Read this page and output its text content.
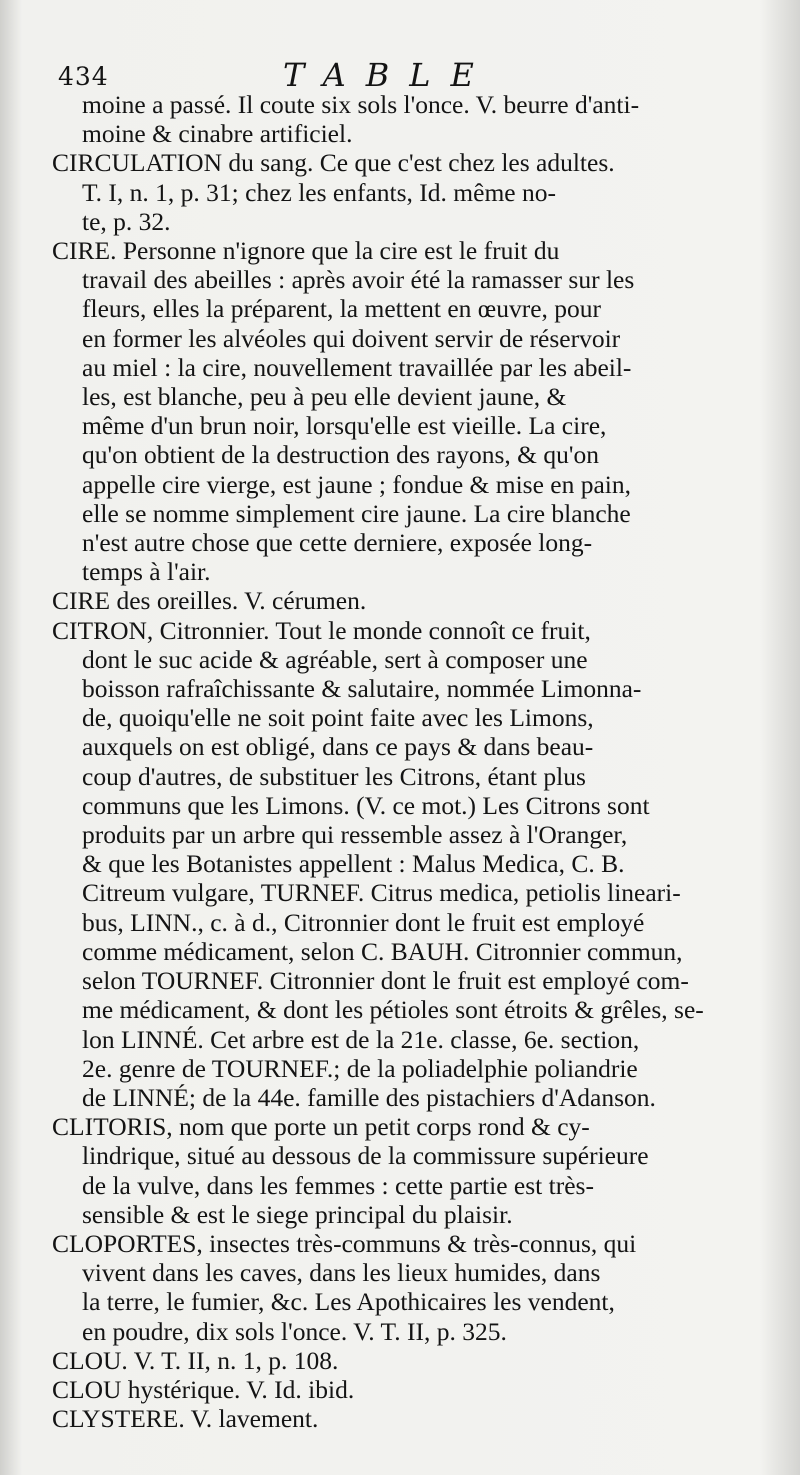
434	TABLE
moine a passé. Il coute six sols l'once. V. beurre d'anti-
moine & cinabre artificiel.
CIRCULATION du sang. Ce que c'est chez les adultes.
T. I, n. 1, p. 31; chez les enfants, Id. même no-
te, p. 32.
CIRE. Personne n'ignore que la cire est le fruit du
travail des abeilles : après avoir été la ramasser sur les
fleurs, elles la préparent, la mettent en œuvre, pour
en former les alvéoles qui doivent servir de réservoir
au miel : la cire, nouvellement travaillée par les abeil-
les, est blanche, peu à peu elle devient jaune, &
même d'un brun noir, lorsqu'elle est vieille. La cire,
qu'on obtient de la destruction des rayons, & qu'on
appelle cire vierge, est jaune ; fondue & mise en pain,
elle se nomme simplement cire jaune. La cire blanche
n'est autre chose que cette derniere, exposée long-
temps à l'air.
CIRE des oreilles. V. cérumen.
CITRON, Citronnier. Tout le monde connoît ce fruit,
dont le suc acide & agréable, sert à composer une
boisson rafraîchissante & salutaire, nommée Limonna-
de, quoiqu'elle ne soit point faite avec les Limons,
auxquels on est obligé, dans ce pays & dans beau-
coup d'autres, de substituer les Citrons, étant plus
communs que les Limons. (V. ce mot.) Les Citrons sont
produits par un arbre qui ressemble assez à l'Oranger,
& que les Botanistes appellent : Malus Medica, C. B.
Citreum vulgare, TURNEF. Citrus medica, petiolis lineari-
bus, LINN., c. à d., Citronnier dont le fruit est employé
comme médicament, selon C. BAUH. Citronnier commun,
selon TOURNEF. Citronnier dont le fruit est employé com-
me médicament, & dont les pétioles sont étroits & grêles, se-
lon LINNÉ. Cet arbre est de la 21e. classe, 6e. section,
2e. genre de TOURNEF.; de la poliadelphie poliandrie
de LINNÉ; de la 44e. famille des pistachiers d'Adanson.
CLITORIS, nom que porte un petit corps rond & cy-
lindrique, situé au dessous de la commissure supérieure
de la vulve, dans les femmes : cette partie est très-
sensible & est le siege principal du plaisir.
CLOPORTES, insectes très-communs & très-connus, qui
vivent dans les caves, dans les lieux humides, dans
la terre, le fumier, &c. Les Apothicaires les vendent,
en poudre, dix sols l'once. V. T. II, p. 325.
CLOU. V. T. II, n. 1, p. 108.
CLOU hystérique. V. Id. ibid.
CLYSTERE. V. lavement.
